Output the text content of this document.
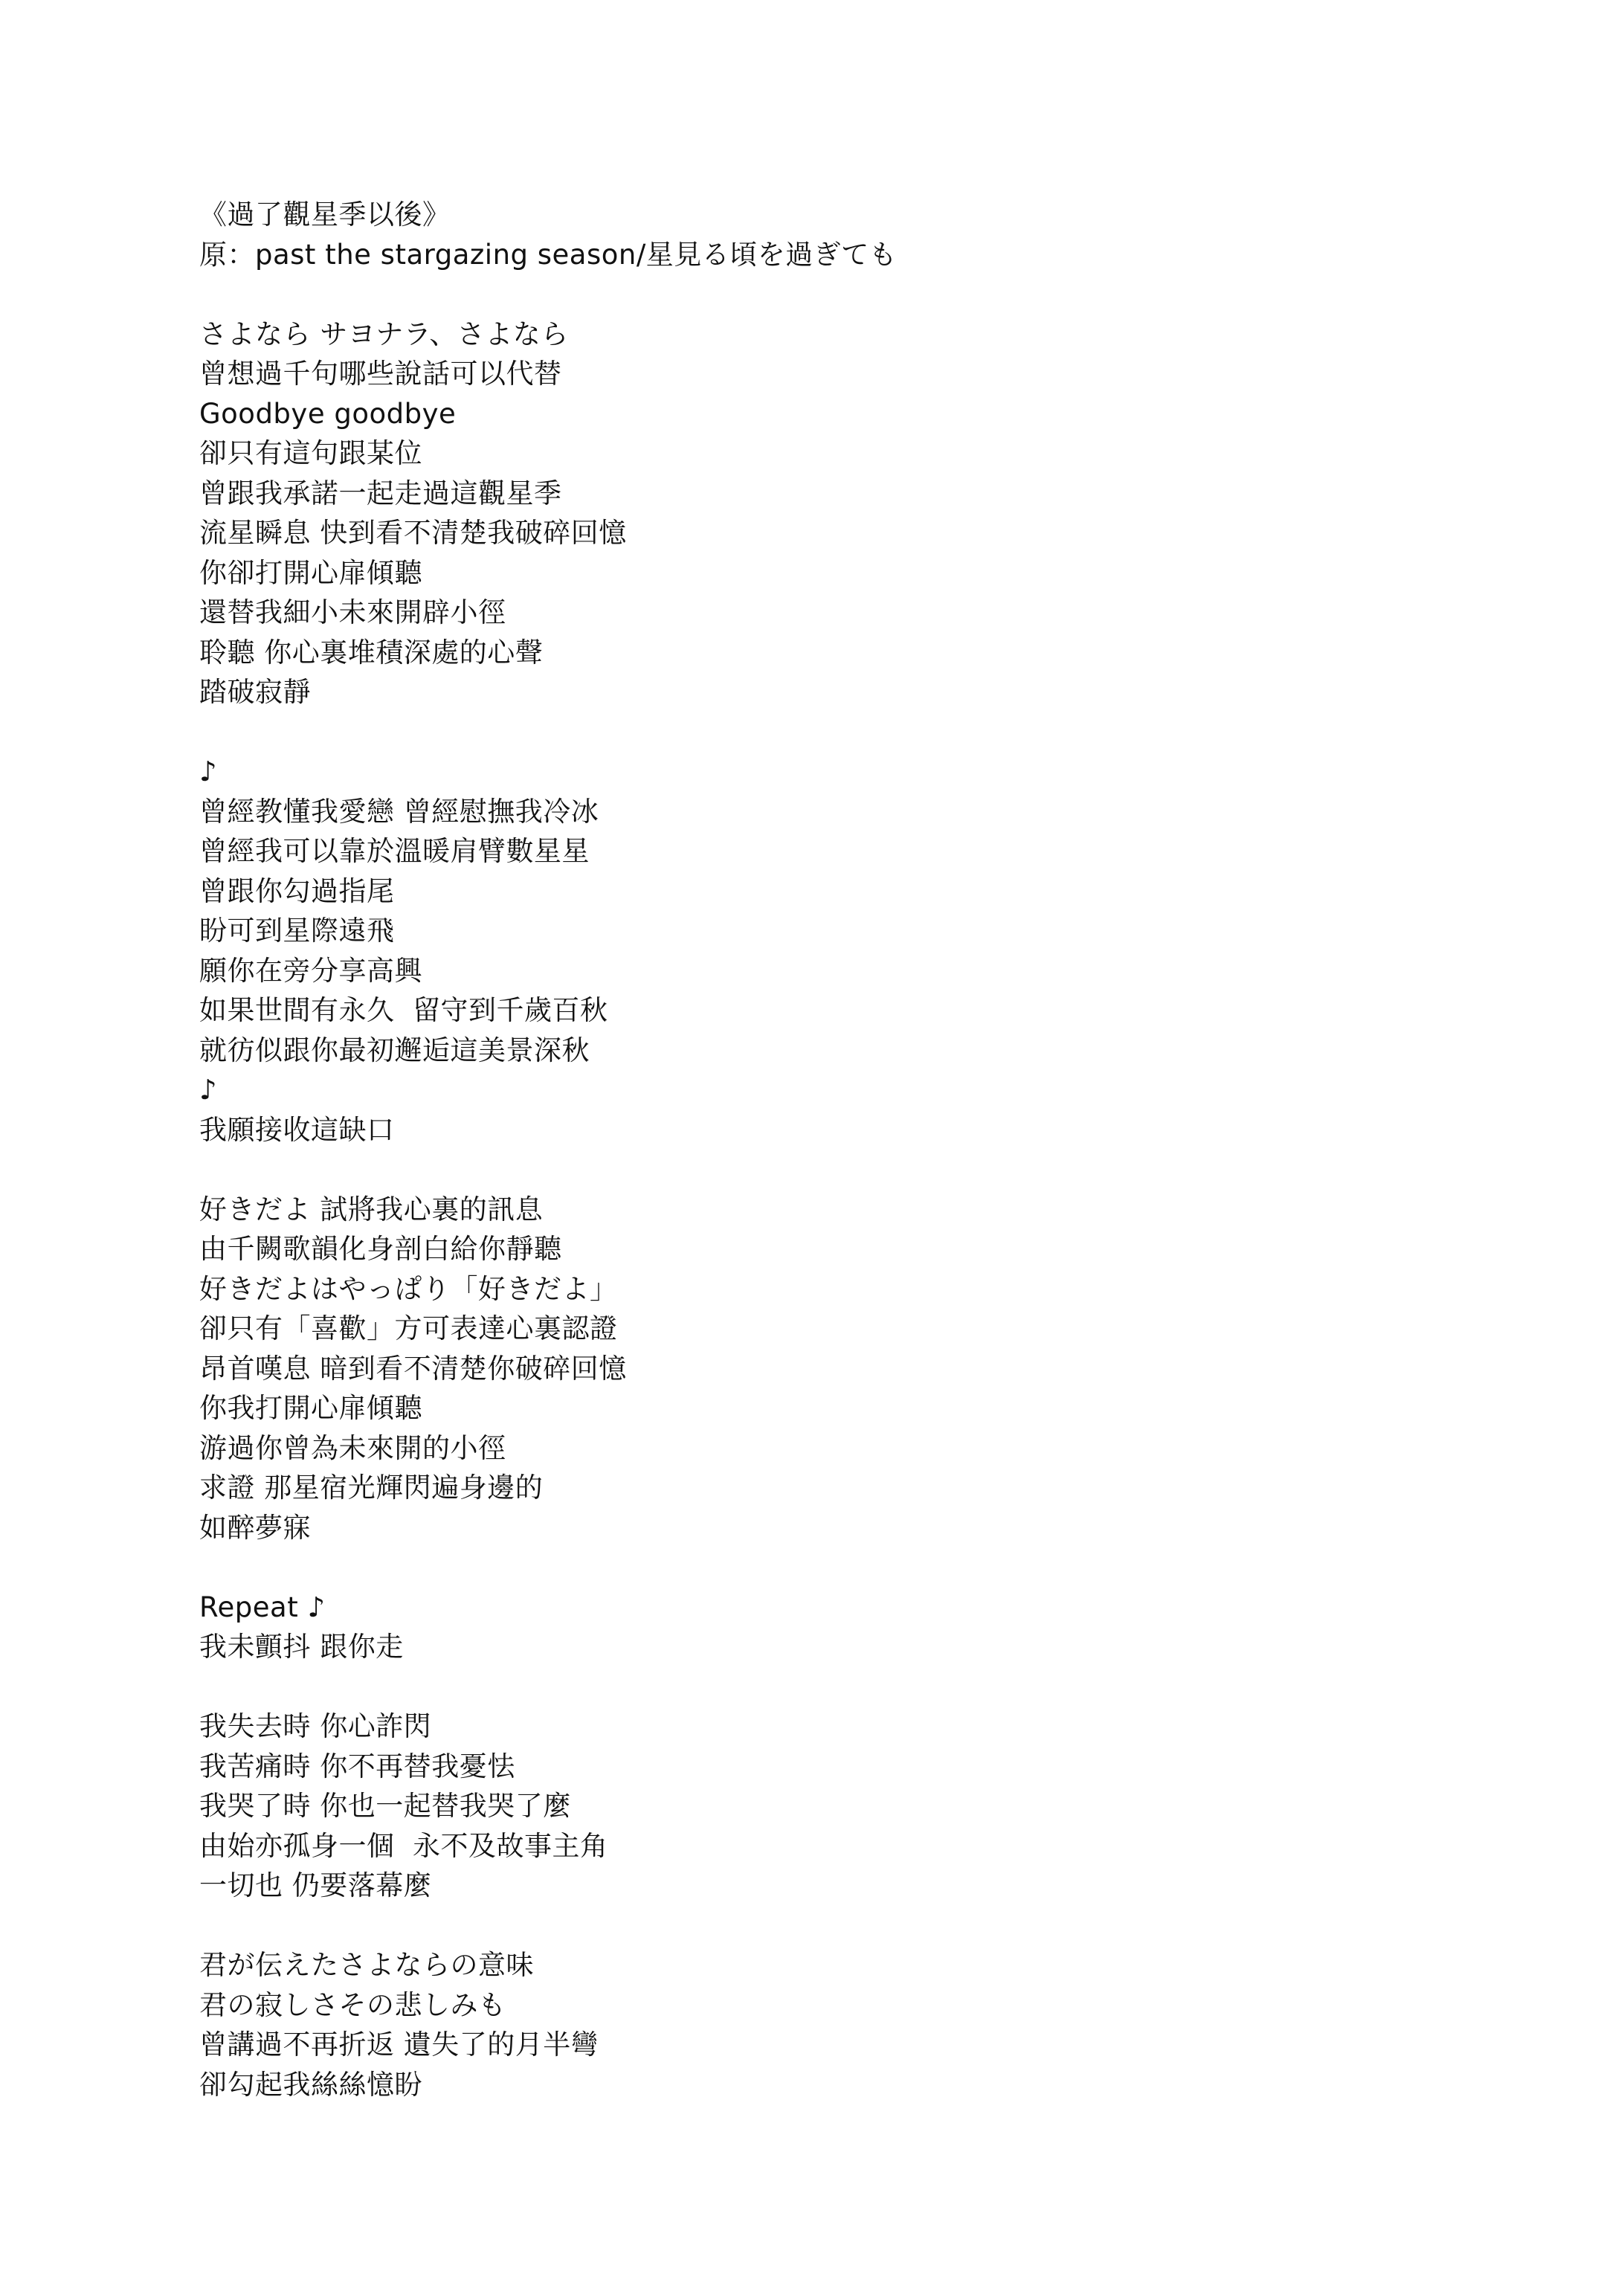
《過了觀星季以後》
原：past the stargazing season/星見る頃を過ぎても
さよなら サヨナラ、さよなら
曾想過千句哪些說話可以代替
Goodbye goodbye
卻只有這句跟某位
曾跟我承諾一起走過這觀星季
流星瞬息 快到看不清楚我破碎回憶
你卻打開心扉傾聽
還替我細小未來開辟小徑
聆聽 你心裏堆積深處的心聲
踏破寂靜
♪
曾經教懂我愛戀 曾經慰撫我冷冰
曾經我可以靠於溫暖肩臂數星星
曾跟你勾過指尾
盼可到星際遠飛
願你在旁分享高興
如果世間有永久  留守到千歲百秋
就彷似跟你最初邂逅這美景深秋
♪
我願接收這缺口
好きだよ 試將我心裏的訊息
由千闕歌韻化身剖白給你靜聽
好きだよはやっぱり「好きだよ」
卻只有「喜歡」方可表達心裏認證
昂首嘆息 暗到看不清楚你破碎回憶
你我打開心扉傾聽
游過你曾為未來開的小徑
求證 那星宿光輝閃遍身邊的
如醉夢寐
Repeat ♪
我未顫抖 跟你走
我失去時 你心詐閃
我苦痛時 你不再替我憂怯
我哭了時 你也一起替我哭了麼
由始亦孤身一個  永不及故事主角
一切也 仍要落幕麼
君が伝えたさよならの意味
君の寂しさその悲しみも
曾講過不再折返 遺失了的月半彎
卻勾起我絲絲憶盼
